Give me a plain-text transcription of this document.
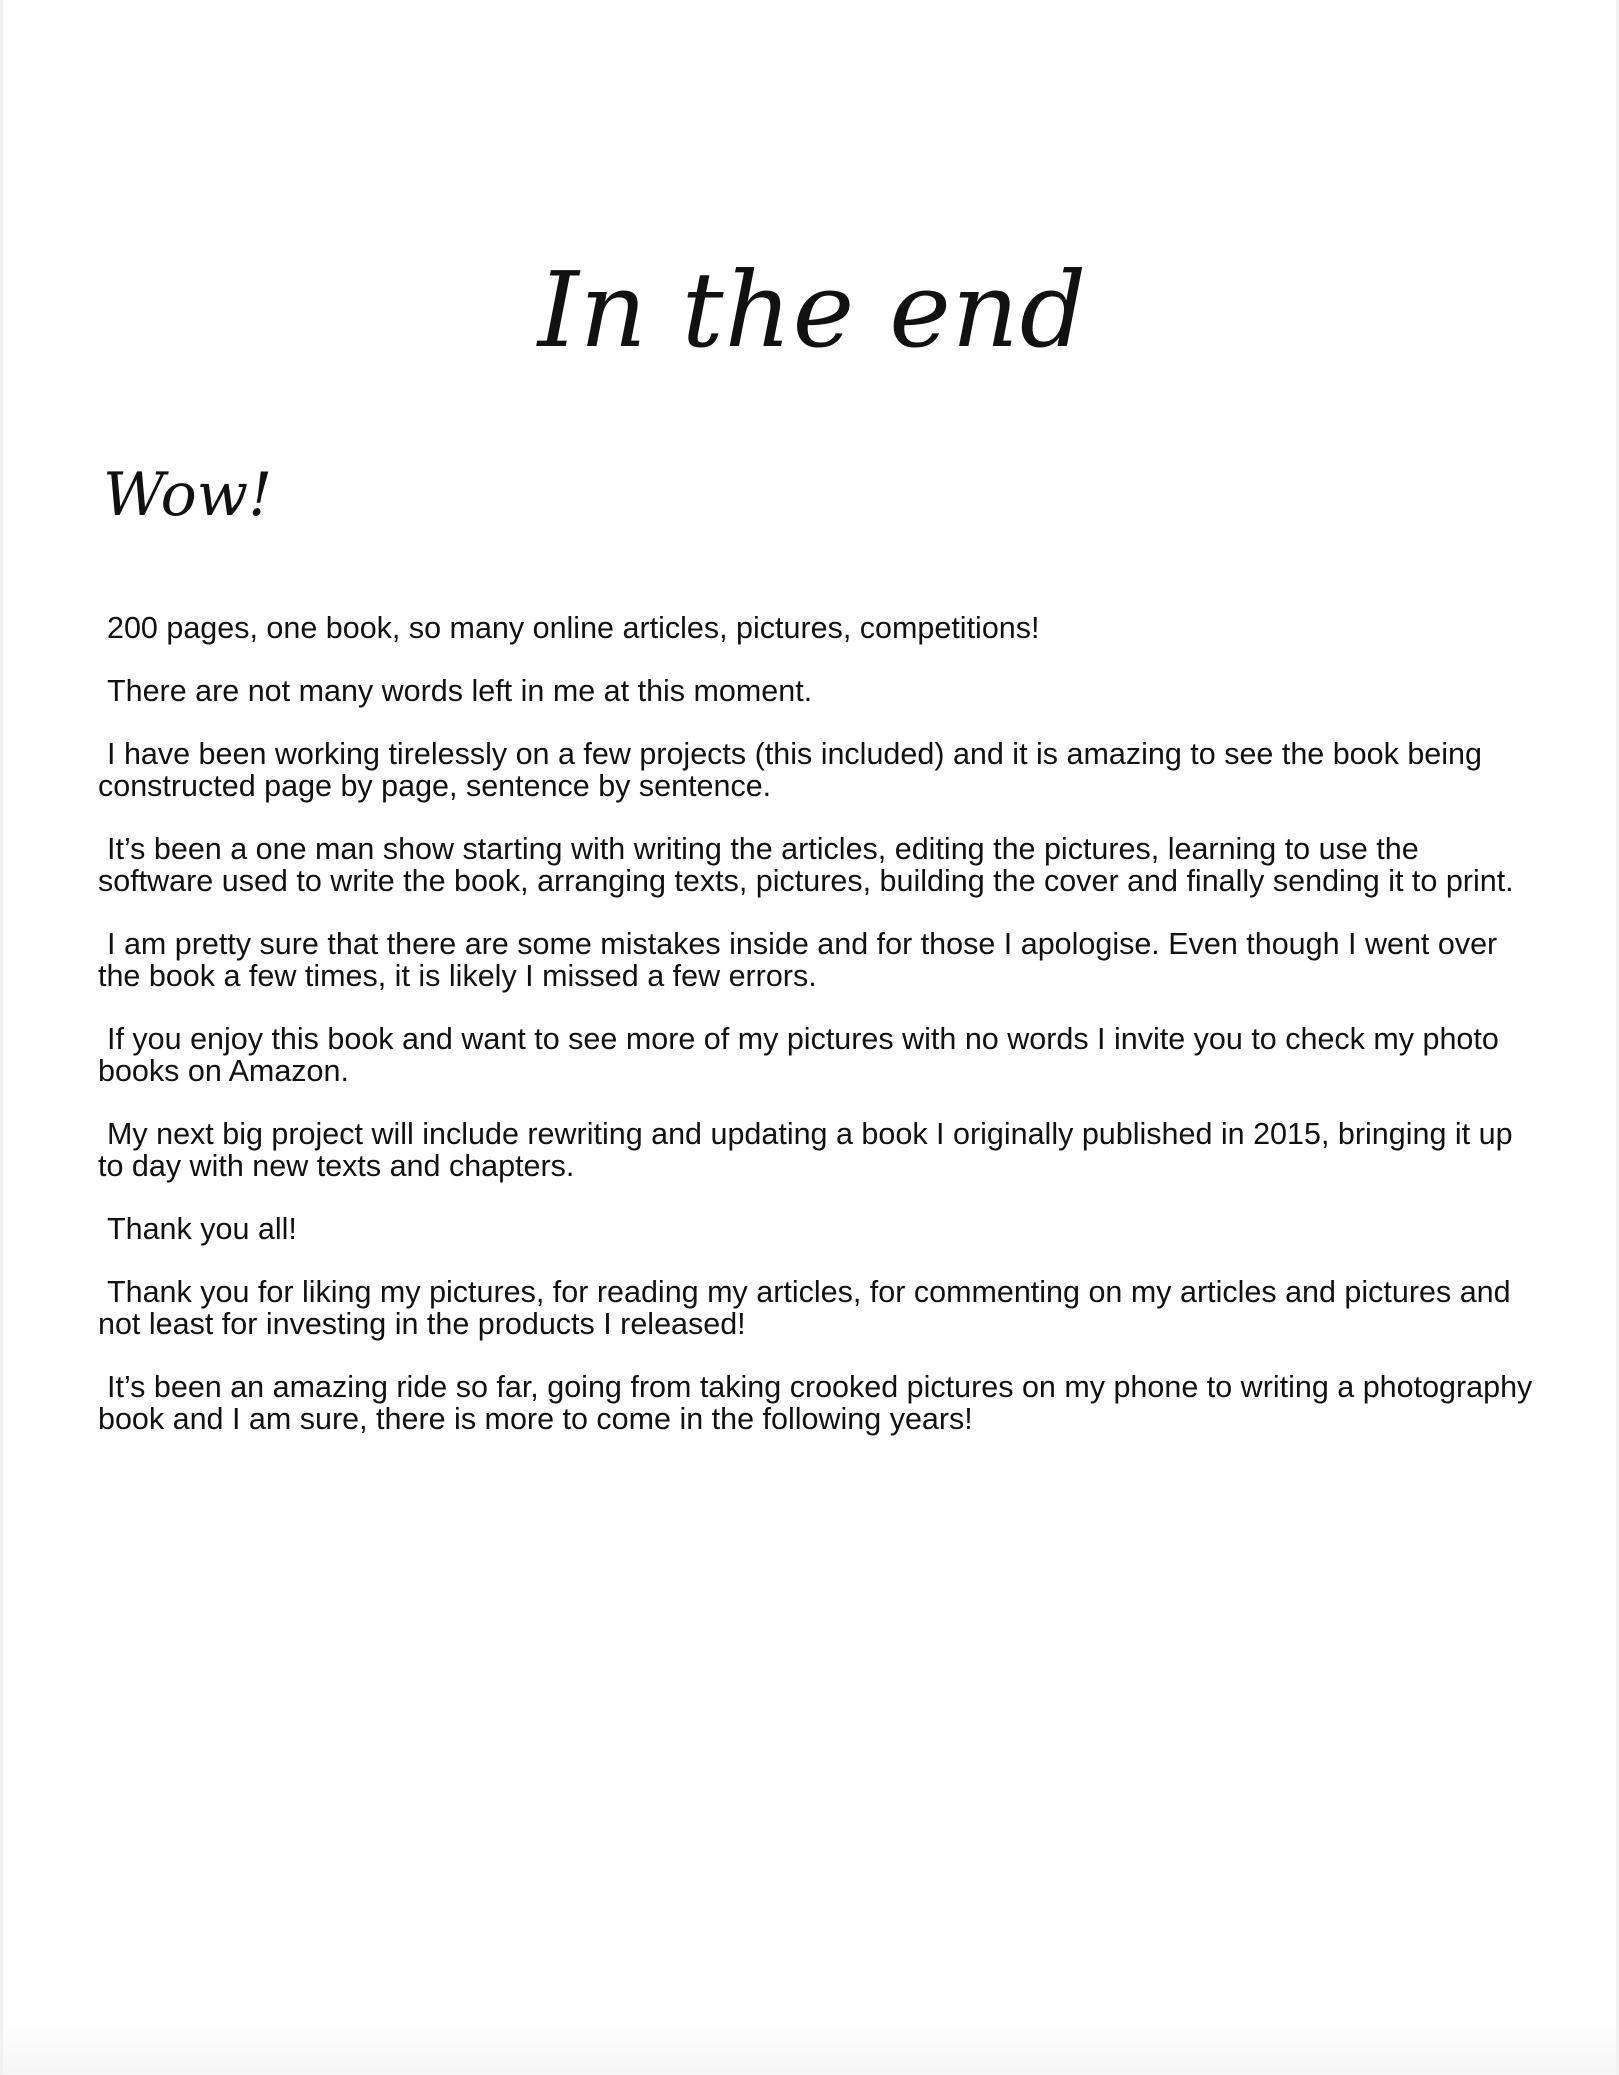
In the end
Wow!

200 pages, one book, so many online articles, pictures, competitions!

There are not many words left in me at this moment.

I have been working tirelessly on a few projects (this included) and it is amazing to see the book being constructed page by page, sentence by sentence.

It’s been a one man show starting with writing the articles, editing the pictures, learning to use the software used to write the book, arranging texts, pictures, building the cover and finally sending it to print.

I am pretty sure that there are some mistakes inside and for those I apologise. Even though I went over the book a few times, it is likely I missed a few errors.

If you enjoy this book and want to see more of my pictures with no words I invite you to check my photo books on Amazon.

My next big project will include rewriting and updating a book I originally published in 2015, bringing it up to day with new texts and chapters.

Thank you all!

Thank you for liking my pictures, for reading my articles, for commenting on my articles and pictures and not least for investing in the products I released!

It’s been an amazing ride so far, going from taking crooked pictures on my phone to writing a photography book and I am sure, there is more to come in the following years!
